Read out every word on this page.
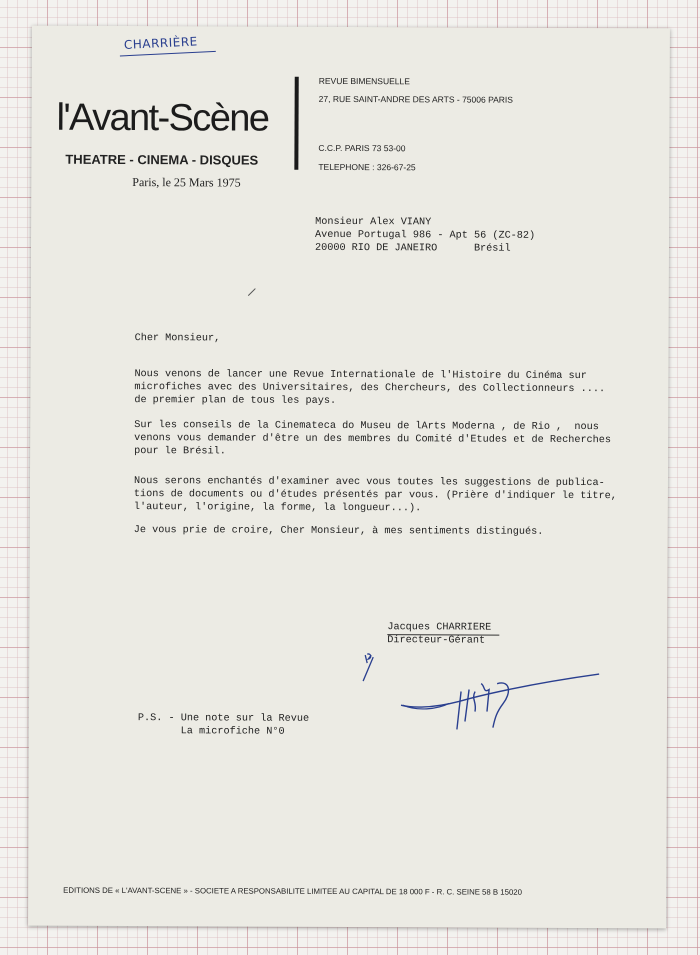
CHARRIÈRE
l'Avant-Scène
THEATRE - CINEMA - DISQUES
REVUE BIMENSUELLE
27, RUE SAINT-ANDRE DES ARTS - 75006 PARIS
C.C.P. PARIS 73 53-00
TELEPHONE : 326-67-25
Paris, le 25 Mars 1975
Monsieur Alex VIANY
Avenue Portugal 986 - Apt 56 (ZC-82)
20000 RIO DE JANEIRO      Brésil
Cher Monsieur,
Nous venons de lancer une Revue Internationale de l'Histoire du Cinéma sur
microfiches avec des Universitaires, des Chercheurs, des Collectionneurs ....
de premier plan de tous les pays.
Sur les conseils de la Cinemateca do Museu de lArts Moderna , de Rio ,  nous
venons vous demander d'être un des membres du Comité d'Etudes et de Recherches
pour le Brésil.
Nous serons enchantés d'examiner avec vous toutes les suggestions de publica-
tions de documents ou d'études présentés par vous. (Prière d'indiquer le titre,
l'auteur, l'origine, la forme, la longueur...).
Je vous prie de croire, Cher Monsieur, à mes sentiments distingués.
Jacques CHARRIERE
Directeur-Gérant
P.S. - Une note sur la Revue
La microfiche N°0
EDITIONS DE « L'AVANT-SCENE » - SOCIETE A RESPONSABILITE LIMITEE AU CAPITAL DE 18 000 F - R. C. SEINE 58 B 15020
